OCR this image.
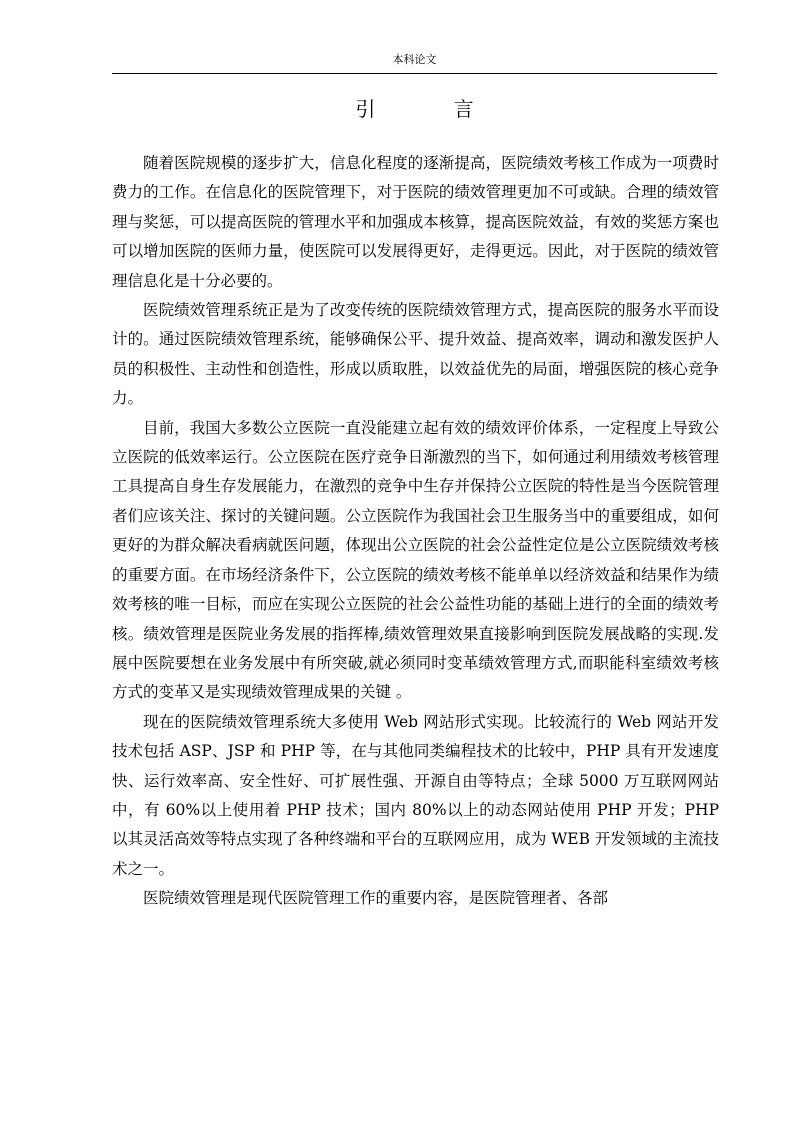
本科论文
引 言

随着医院规模的逐步扩大，信息化程度的逐渐提高，医院绩效考核工作成为一项费时费力的工作。在信息化的医院管理下，对于医院的绩效管理更加不可或缺。合理的绩效管理与奖惩，可以提高医院的管理水平和加强成本核算，提高医院效益，有效的奖惩方案也可以增加医院的医师力量，使医院可以发展得更好，走得更远。因此，对于医院的绩效管理信息化是十分必要的。

医院绩效管理系统正是为了改变传统的医院绩效管理方式，提高医院的服务水平而设计的。通过医院绩效管理系统，能够确保公平、提升效益、提高效率，调动和激发医护人员的积极性、主动性和创造性，形成以质取胜，以效益优先的局面，增强医院的核心竞争力。

目前，我国大多数公立医院一直没能建立起有效的绩效评价体系，一定程度上导致公立医院的低效率运行。公立医院在医疗竞争日渐激烈的当下，如何通过利用绩效考核管理工具提高自身生存发展能力，在激烈的竞争中生存并保持公立医院的特性是当今医院管理者们应该关注、探讨的关键问题。公立医院作为我国社会卫生服务当中的重要组成，如何更好的为群众解决看病就医问题，体现出公立医院的社会公益性定位是公立医院绩效考核的重要方面。在市场经济条件下，公立医院的绩效考核不能单单以经济效益和结果作为绩效考核的唯一目标，而应在实现公立医院的社会公益性功能的基础上进行的全面的绩效考核。绩效管理是医院业务发展的指挥棒,绩效管理效果直接影响到医院发展战略的实现.发展中医院要想在业务发展中有所突破,就必须同时变革绩效管理方式,而职能科室绩效考核方式的变革又是实现绩效管理成果的关键 。

现在的医院绩效管理系统大多使用 Web 网站形式实现。比较流行的 Web 网站开发技术包括 ASP、JSP 和 PHP 等，在与其他同类编程技术的比较中，PHP 具有开发速度快、运行效率高、安全性好、可扩展性强、开源自由等特点；全球 5000 万互联网网站中，有 60%以上使用着 PHP 技术；国内 80%以上的动态网站使用 PHP 开发；PHP 以其灵活高效等特点实现了各种终端和平台的互联网应用，成为 WEB 开发领域的主流技术之一。

医院绩效管理是现代医院管理工作的重要内容，是医院管理者、各部
